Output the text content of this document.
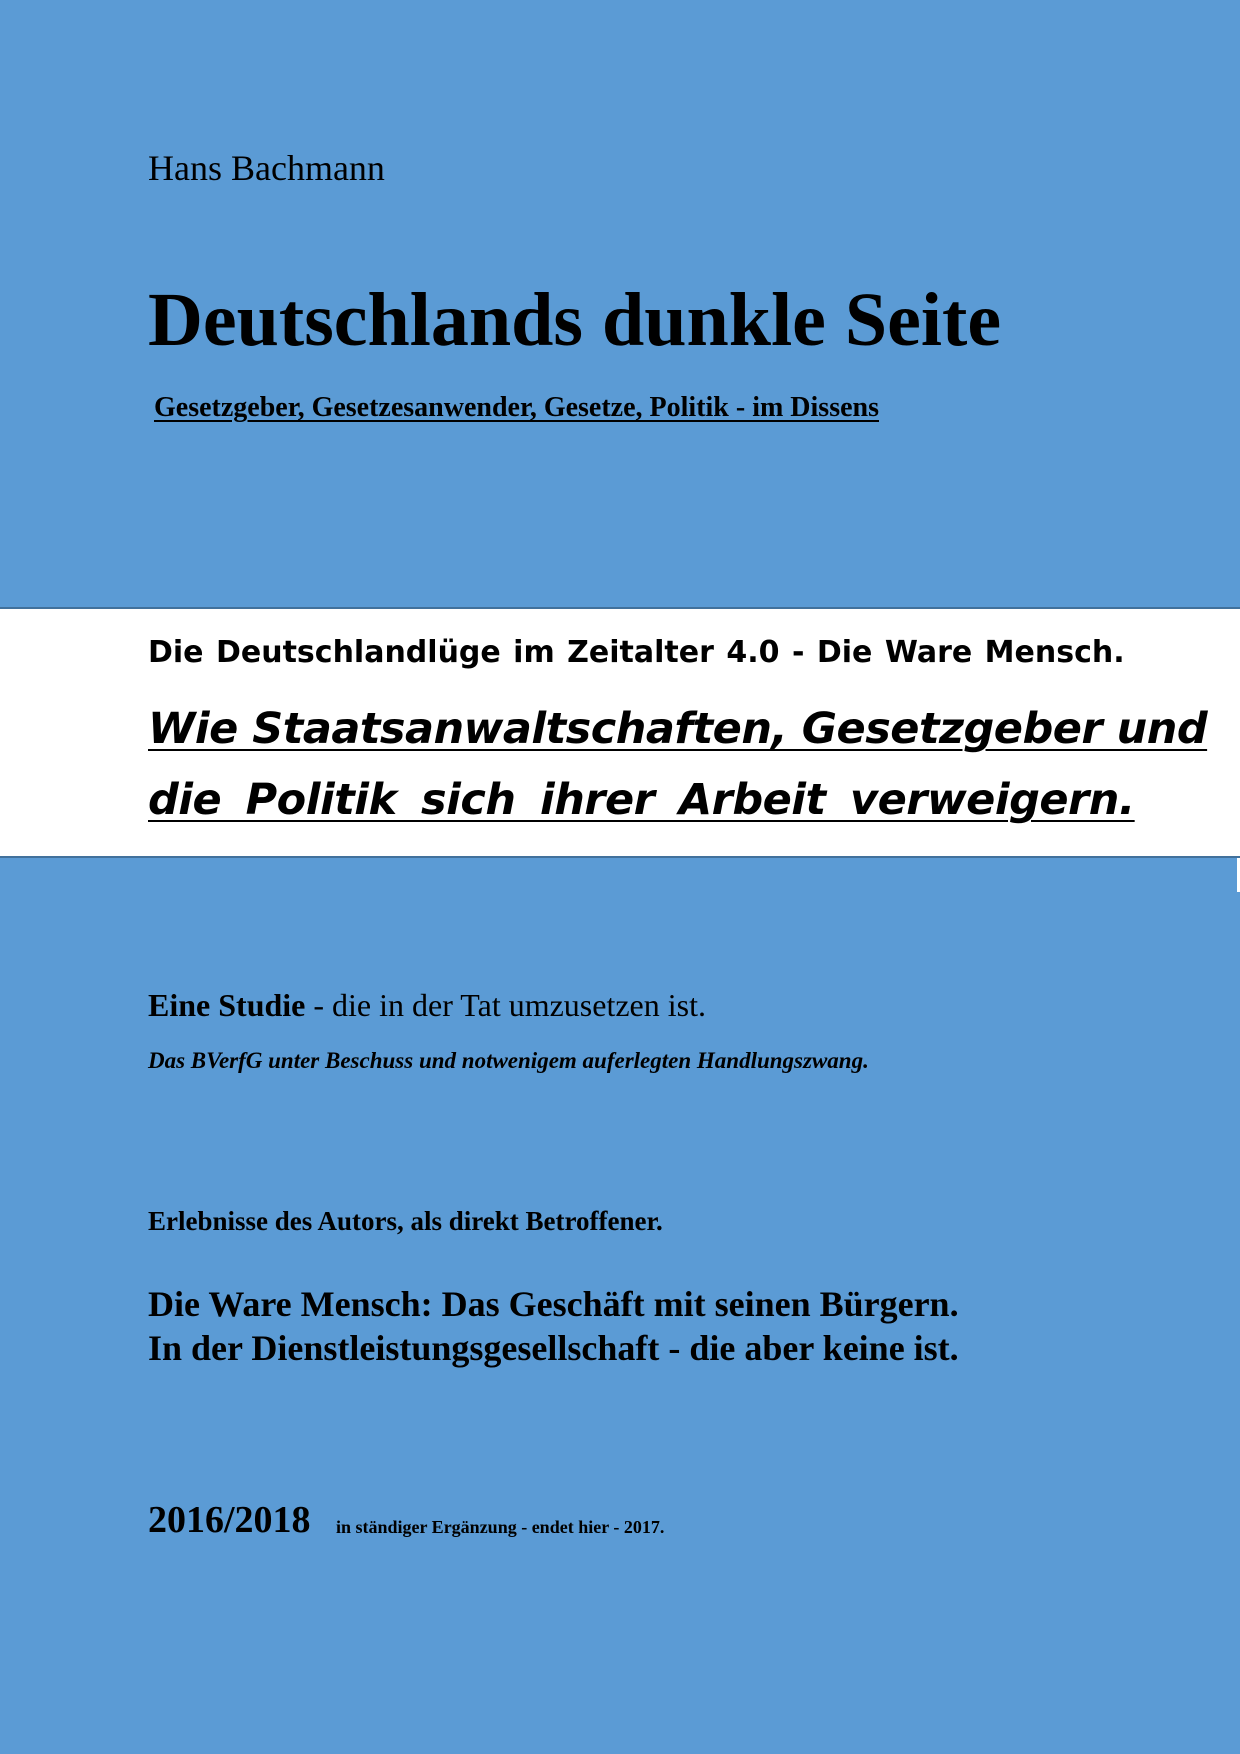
Hans Bachmann

Deutschlands dunkle Seite

Gesetzgeber, Gesetzesanwender, Gesetze, Politik - im Dissens

Die Deutschlandlüge im Zeitalter 4.0 - Die Ware Mensch.

Wie Staatsanwaltschaften, Gesetzgeber und

die Politik sich ihrer Arbeit verweigern.

Eine Studie - die in der Tat umzusetzen ist.

Das BVerfG unter Beschuss und notwenigem auferlegten Handlungszwang.

Erlebnisse des Autors, als direkt Betroffener.

Die Ware Mensch: Das Geschäft mit seinen Bürgern.

In der Dienstleistungsgesellschaft - die aber keine ist.

2016/2018 in ständiger Ergänzung - endet hier - 2017.
